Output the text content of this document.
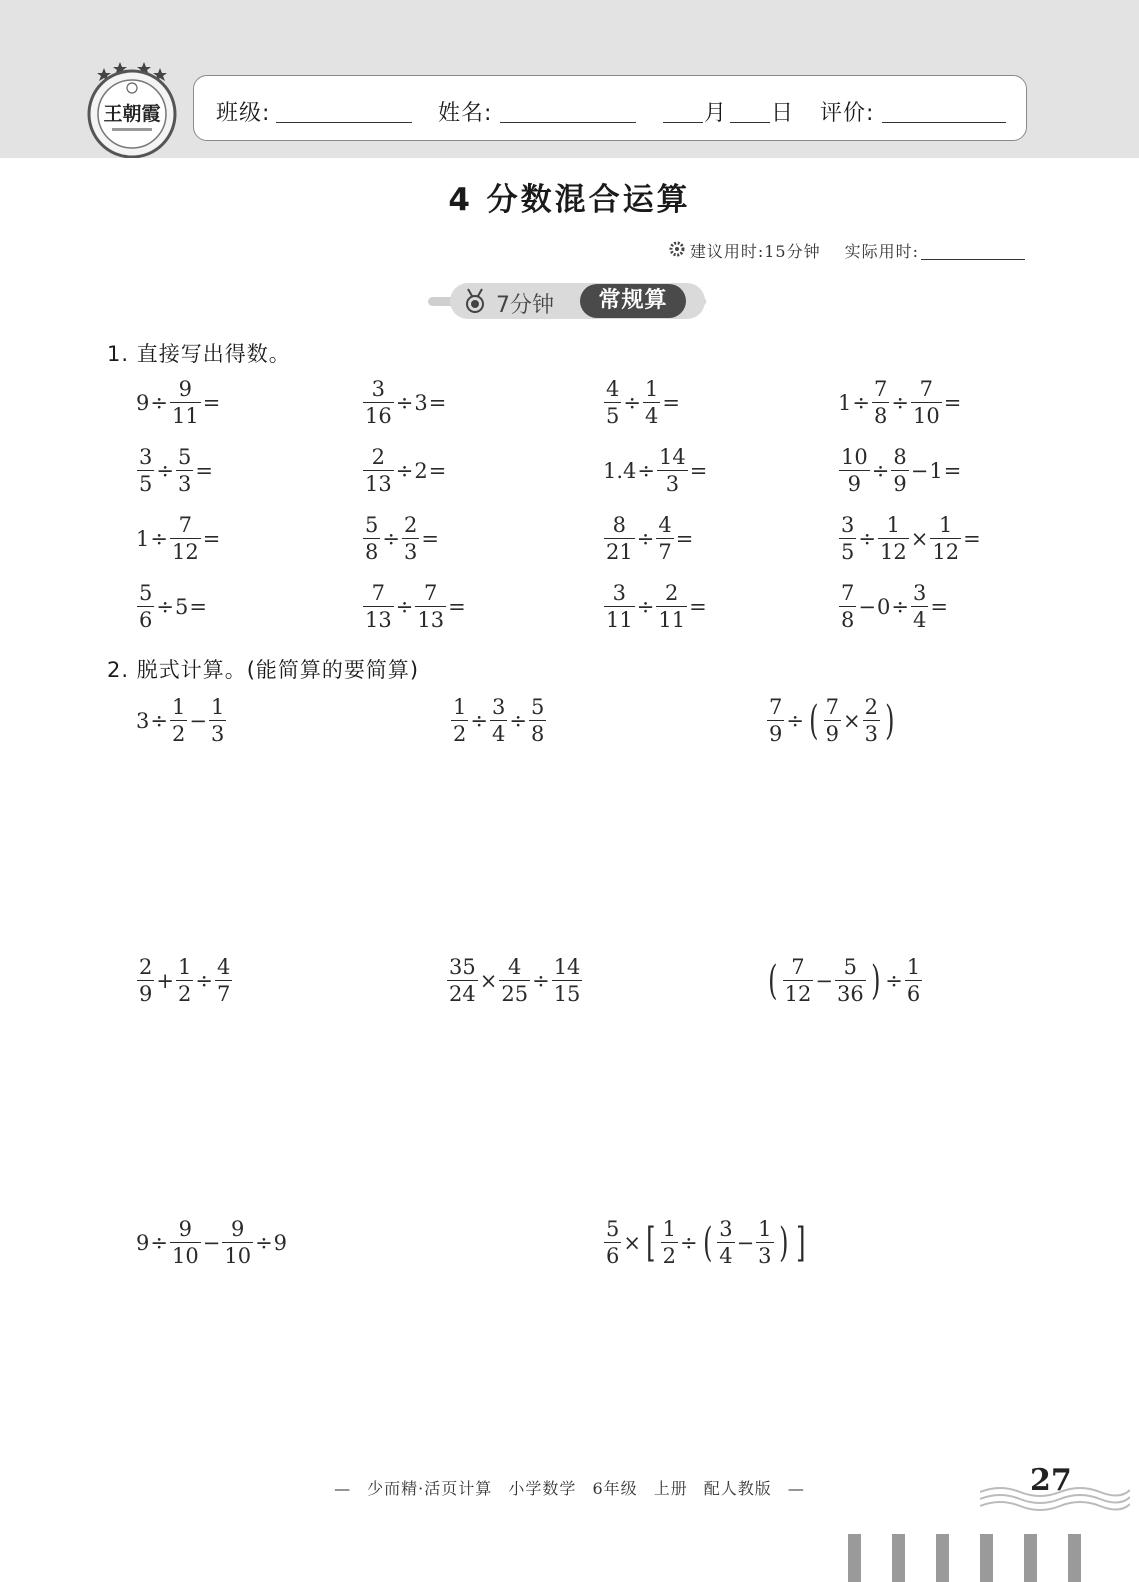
王朝霞	班级:	姓名:	月 日 评价:
4 分数混合运算
建议用时:15分钟 实际用时:
7分钟	常规算
1. 直接写出得数。
$9 \div \frac{9}{11}$ =	$\frac{3}{16} \div 3$ =	$\frac{4}{5} \div \frac{1}{4}$ =	$1 \div \frac{7}{8} \div \frac{7}{10}$ =
$\frac{3}{5} \div \frac{5}{3}$ =	$\frac{2}{13} \div 2$ =	$1.4 \div \frac{14}{3}$ =	$\frac{10}{9} \div \frac{8}{9} - 1$ =
$1 \div \frac{7}{12}$ =	$\frac{5}{8} \div \frac{2}{3}$ =	$\frac{8}{21} \div \frac{4}{7}$ =	$\frac{3}{5} \div \frac{1}{12} \times \frac{1}{12}$ =
$\frac{5}{6} \div 5$ =	$\frac{7}{13} \div \frac{7}{13}$ =	$\frac{3}{11} \div \frac{2}{11}$ =	$\frac{7}{8} - 0 \div \frac{3}{4}$ =
2. 脱式计算。(能简算的要简算)
$3 \div \frac{1}{2} - \frac{1}{3}$	$\frac{1}{2} \div \frac{3}{4} \div \frac{5}{8}$	$\frac{7}{9}$ ÷ ( $\frac{7}{9} \times \frac{2}{3}$ )
$\frac{2}{9} + \frac{1}{2} \div \frac{4}{7}$	$\frac{35}{24} \times \frac{4}{25} \div \frac{14}{15}$	( $\frac{7}{12} - \frac{5}{36}$ ) ÷ $\frac{1}{6}$
$9 \div \frac{9}{10} - \frac{9}{10} \div 9$	$\frac{5}{6}$ × [ $\frac{1}{2}$ ÷ ( $\frac{3}{4} - \frac{1}{3}$ ) ]
— 少而精·活页计算 小学数学 6年级 上册 配人教版 —	27
